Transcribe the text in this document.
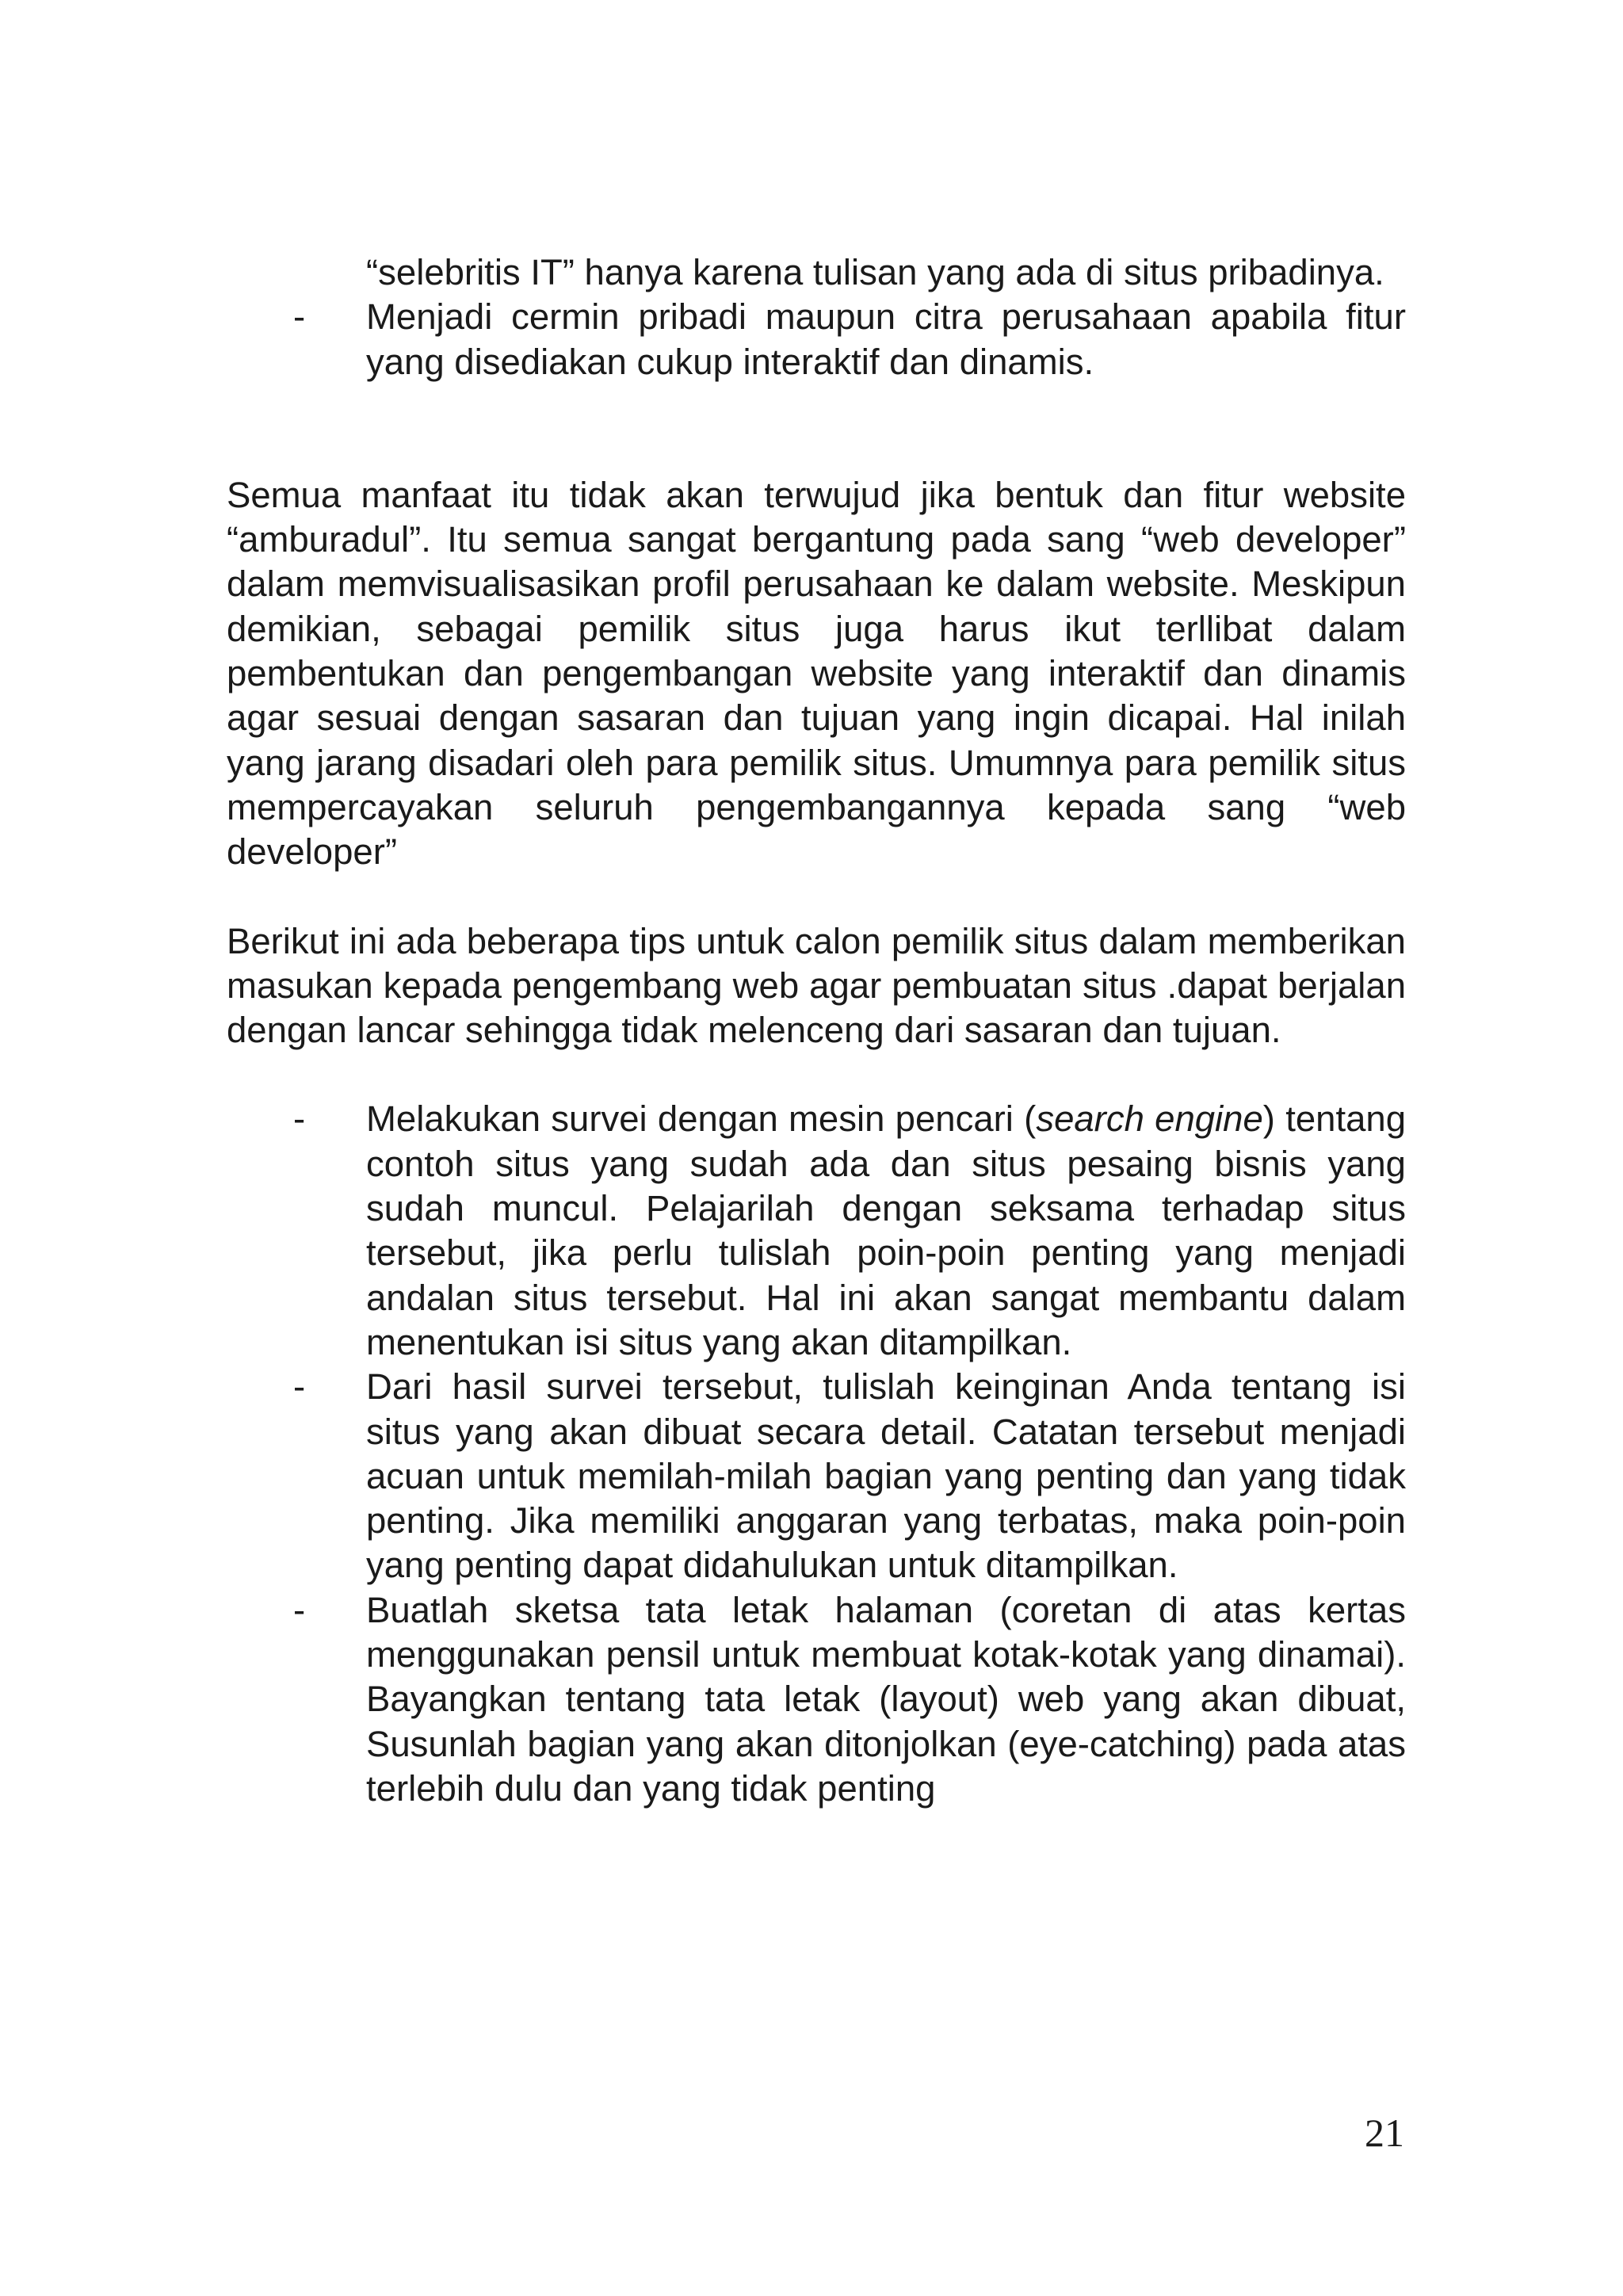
“selebritis IT” hanya karena tulisan yang ada di situs pribadinya.

- Menjadi cermin pribadi maupun citra perusahaan apabila fitur yang disediakan cukup interaktif dan dinamis.

Semua manfaat itu tidak akan terwujud jika bentuk dan fitur website “amburadul”. Itu semua sangat bergantung pada sang “web developer” dalam memvisualisasikan profil perusahaan ke dalam website. Meskipun demikian, sebagai pemilik situs juga harus ikut terllibat dalam pembentukan dan pengembangan website yang interaktif dan dinamis agar sesuai dengan sasaran dan tujuan yang ingin dicapai. Hal inilah yang jarang disadari oleh para pemilik situs. Umumnya para pemilik situs mempercayakan seluruh pengembangannya kepada sang “web developer”

Berikut ini ada beberapa tips untuk calon pemilik situs dalam memberikan masukan kepada pengembang web agar pembuatan situs .dapat berjalan dengan lancar sehingga tidak melenceng dari sasaran dan tujuan.

- Melakukan survei dengan mesin pencari (search engine) tentang contoh situs yang sudah ada dan situs pesaing bisnis yang sudah muncul. Pelajarilah dengan seksama terhadap situs tersebut, jika perlu tulislah poin-poin penting yang menjadi andalan situs tersebut. Hal ini akan sangat membantu dalam menentukan isi situs yang akan ditampilkan.

- Dari hasil survei tersebut, tulislah keinginan Anda tentang isi situs yang akan dibuat secara detail. Catatan tersebut menjadi acuan untuk memilah-milah bagian yang penting dan yang tidak penting. Jika memiliki anggaran yang terbatas, maka poin-poin yang penting dapat didahulukan untuk ditampilkan.

- Buatlah sketsa tata letak halaman (coretan di atas kertas menggunakan pensil untuk membuat kotak-kotak yang dinamai). Bayangkan tentang tata letak (layout) web yang akan dibuat, Susunlah bagian yang akan ditonjolkan (eye-catching) pada atas terlebih dulu dan yang tidak penting

21
